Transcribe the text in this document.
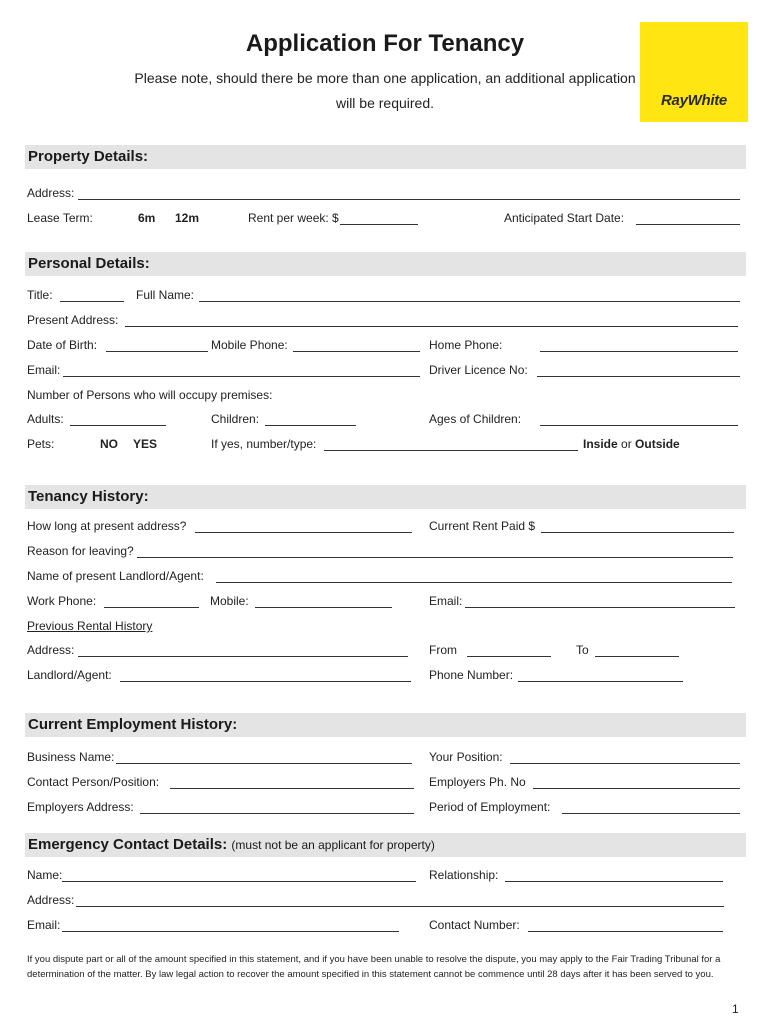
Application For Tenancy
Please note, should there be more than one application, an additional application will be required.	RayWhite
Property Details:
Address:
Lease Term:	6m 12m	Rent per week: $	Anticipated Start Date:
Personal Details:
Title:	Full Name:
Present Address:
Date of Birth:	Mobile Phone:	Home Phone:
Email:	Driver Licence No:
Number of Persons who will occupy premises:
Adults:	Children:	Ages of Children:
Pets:	NO YES	If yes, number/type:	Inside or Outside
Tenancy History:
How long at present address?	Current Rent Paid $
Reason for leaving?
Name of present Landlord/Agent:
Work Phone:	Mobile:	Email:
Previous Rental History
Address:	From	To
Landlord/Agent:	Phone Number:
Current Employment History:
Business Name:	Your Position:
Contact Person/Position:	Employers Ph. No
Employers Address:	Period of Employment:
Emergency Contact Details: (must not be an applicant for property)
Name:	Relationship:
Address:
Email:	Contact Number:
If you dispute part or all of the amount specified in this statement, and if you have been unable to resolve the dispute, you may apply to the Fair Trading Tribunal for a determination of the matter. By law legal action to recover the amount specified in this statement cannot be commence until 28 days after it has been served to you.
1
